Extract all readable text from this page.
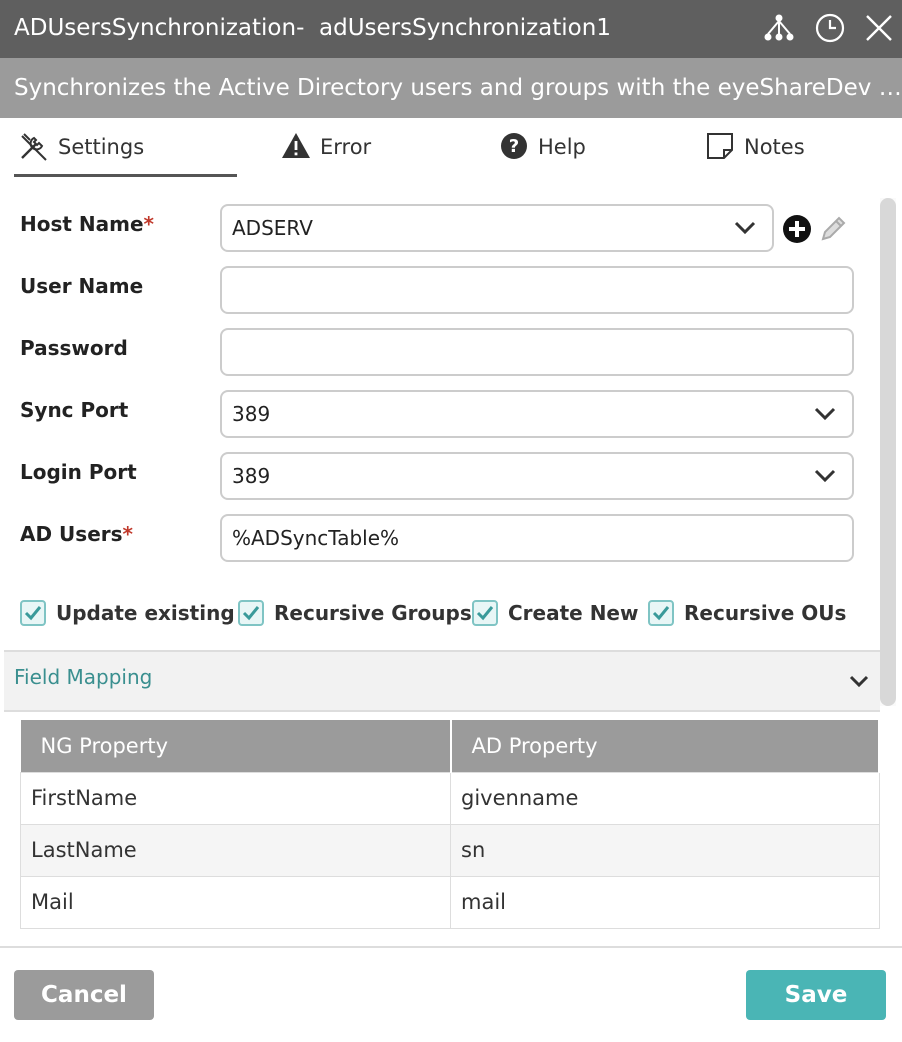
ADUsersSynchronization-  adUsersSynchronization1
Synchronizes the Active Directory users and groups with the eyeShareDev …
Settings	Error	? Help	Notes
Host Name*	ADSERV
User Name
Password
Sync Port	389
Login Port	389
AD Users*	%ADSyncTable%
Update existing Recursive Groups Create New Recursive OUs
Field Mapping
NG Property	AD Property
FirstName	givenname
LastName	sn
Mail	mail
Cancel	Save
